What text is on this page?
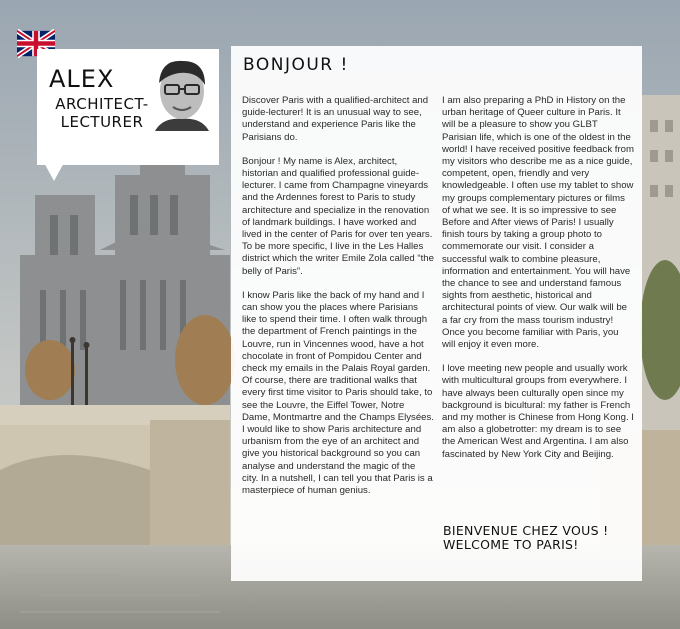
ALEX
ARCHITECT-
LECTURER
BONJOUR !

Discover Paris with a qualified-architect and guide-lecturer! It is an unusual way to see, understand and experience Paris like the Parisians do.

Bonjour ! My name is Alex, architect, historian and qualified professional guide-lecturer. I came from Champagne vineyards and the Ardennes forest to Paris to study architecture and specialize in the renovation of landmark buildings. I have worked and lived in the center of Paris for over ten years. To be more specific, I live in the Les Halles district which the writer Emile Zola called “the belly of Paris”.

I know Paris like the back of my hand and I can show you the places where Parisians like to spend their time. I often walk through the department of French paintings in the Louvre, run in Vincennes wood, have a hot chocolate in front of Pompidou Center and check my emails in the Palais Royal garden. Of course, there are traditional walks that every first time visitor to Paris should take, to see the Louvre, the Eiffel Tower, Notre Dame, Montmartre and the Champs Elysées. I would like to show Paris architecture and urbanism from the eye of an architect and give you historical background so you can analyse and understand the magic of the city. In a nutshell, I can tell you that Paris is a masterpiece of human genius.

I am also preparing a PhD in History on the urban heritage of Queer culture in Paris. It will be a pleasure to show you GLBT Parisian life, which is one of the oldest in the world! I have received positive feedback from my visitors who describe me as a nice guide, competent, open, friendly and very knowledgeable. I often use my tablet to show my groups complementary pictures or films of what we see. It is so impressive to see Before and After views of Paris! I usually finish tours by taking a group photo to commemorate our visit. I consider a successful walk to combine pleasure, information and entertainment. You will have the chance to see and understand famous sights from aesthetic, historical and architectural points of view. Our walk will be a far cry from the mass tourism industry! Once you become familiar with Paris, you will enjoy it even more.

I love meeting new people and usually work with multicultural groups from everywhere. I have always been culturally open since my background is bicultural: my father is French and my mother is Chinese from Hong Kong. I am also a globetrotter: my dream is to see the American West and Argentina. I am also fascinated by New York City and Beijing.

BIENVENUE CHEZ VOUS !
WELCOME TO PARIS!
